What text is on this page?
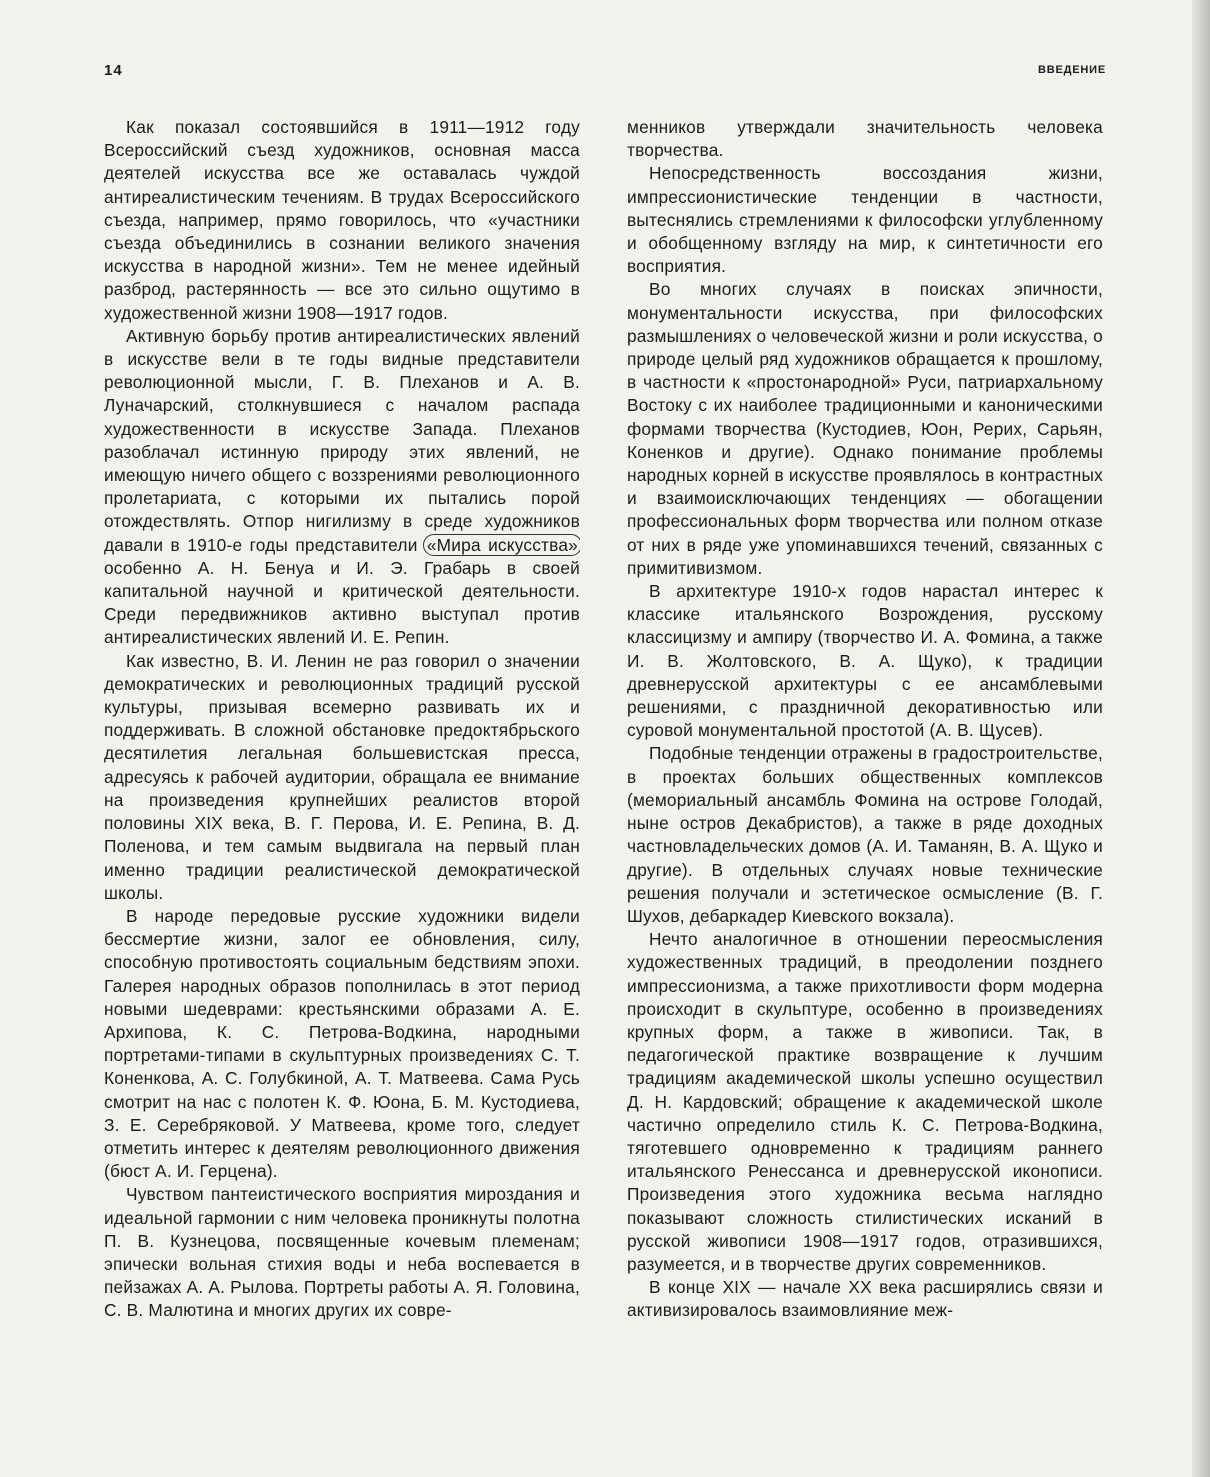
14	ВВЕДЕНИЕ

Как показал состоявшийся в 1911—1912 году Всероссийский съезд художников, основная масса деятелей искусства все же оставалась чуждой антиреалистическим течениям. В трудах Всероссийского съезда, например, прямо говорилось, что «участники съезда объединились в сознании великого значения искусства в народной жизни». Тем не менее идейный разброд, растерянность — все это сильно ощутимо в художественной жизни 1908—1917 годов.

Активную борьбу против антиреалистических явлений в искусстве вели в те годы видные представители революционной мысли, Г. В. Плеханов и А. В. Луначарский, столкнувшиеся с началом распада художественности в искусстве Запада. Плеханов разоблачал истинную природу этих явлений, не имеющую ничего общего с воззрениями революционного пролетариата, с которыми их пытались порой отождествлять. Отпор нигилизму в среде художников давали в 1910-е годы представители «Мира искусства» особенно А. Н. Бенуа и И. Э. Грабарь в своей капитальной научной и критической деятельности. Среди передвижников активно выступал против антиреалистических явлений И. Е. Репин.

Как известно, В. И. Ленин не раз говорил о значении демократических и революционных традиций русской культуры, призывая всемерно развивать их и поддерживать. В сложной обстановке предоктябрьского десятилетия легальная большевистская пресса, адресуясь к рабочей аудитории, обращала ее внимание на произведения крупнейших реалистов второй половины XIX века, В. Г. Перова, И. Е. Репина, В. Д. Поленова, и тем самым выдвигала на первый план именно традиции реалистической демократической школы.

В народе передовые русские художники видели бессмертие жизни, залог ее обновления, силу, способную противостоять социальным бедствиям эпохи. Галерея народных образов пополнилась в этот период новыми шедеврами: крестьянскими образами А. Е. Архипова, К. С. Петрова-Водкина, народными портретами-типами в скульптурных произведениях С. Т. Коненкова, А. С. Голубкиной, А. Т. Матвеева. Сама Русь смотрит на нас с полотен К. Ф. Юона, Б. М. Кустодиева, З. Е. Серебряковой. У Матвеева, кроме того, следует отметить интерес к деятелям революционного движения (бюст А. И. Герцена).

Чувством пантеистического восприятия мироздания и идеальной гармонии с ним человека проникнуты полотна П. В. Кузнецова, посвященные кочевым племенам; эпически вольная стихия воды и неба воспевается в пейзажах А. А. Рылова. Портреты работы А. Я. Головина, С. В. Малютина и многих других их совре-

менников утверждали значительность человека творчества.

Непосредственность воссоздания жизни, импрессионистические тенденции в частности, вытеснялись стремлениями к философски углубленному и обобщенному взгляду на мир, к синтетичности его восприятия.

Во многих случаях в поисках эпичности, монументальности искусства, при философских размышлениях о человеческой жизни и роли искусства, о природе целый ряд художников обращается к прошлому, в частности к «простонародной» Руси, патриархальному Востоку с их наиболее традиционными и каноническими формами творчества (Кустодиев, Юон, Рерих, Сарьян, Коненков и другие). Однако понимание проблемы народных корней в искусстве проявлялось в контрастных и взаимоисключающих тенденциях — обогащении профессиональных форм творчества или полном отказе от них в ряде уже упоминавшихся течений, связанных с примитивизмом.

В архитектуре 1910-х годов нарастал интерес к классике итальянского Возрождения, русскому классицизму и ампиру (творчество И. А. Фомина, а также И. В. Жолтовского, В. А. Щуко), к традиции древнерусской архитектуры с ее ансамблевыми решениями, с праздничной декоративностью или суровой монументальной простотой (А. В. Щусев).

Подобные тенденции отражены в градостроительстве, в проектах больших общественных комплексов (мемориальный ансамбль Фомина на острове Голодай, ныне остров Декабристов), а также в ряде доходных частновладельческих домов (А. И. Таманян, В. А. Щуко и другие). В отдельных случаях новые технические решения получали и эстетическое осмысление (В. Г. Шухов, дебаркадер Киевского вокзала).

Нечто аналогичное в отношении переосмысления художественных традиций, в преодолении позднего импрессионизма, а также прихотливости форм модерна происходит в скульптуре, особенно в произведениях крупных форм, а также в живописи. Так, в педагогической практике возвращение к лучшим традициям академической школы успешно осуществил Д. Н. Кардовский; обращение к академической школе частично определило стиль К. С. Петрова-Водкина, тяготевшего одновременно к традициям раннего итальянского Ренессанса и древнерусской иконописи. Произведения этого художника весьма наглядно показывают сложность стилистических исканий в русской живописи 1908—1917 годов, отразившихся, разумеется, и в творчестве других современников.

В конце XIX — начале XX века расширялись связи и активизировалось взаимовлияние меж-
